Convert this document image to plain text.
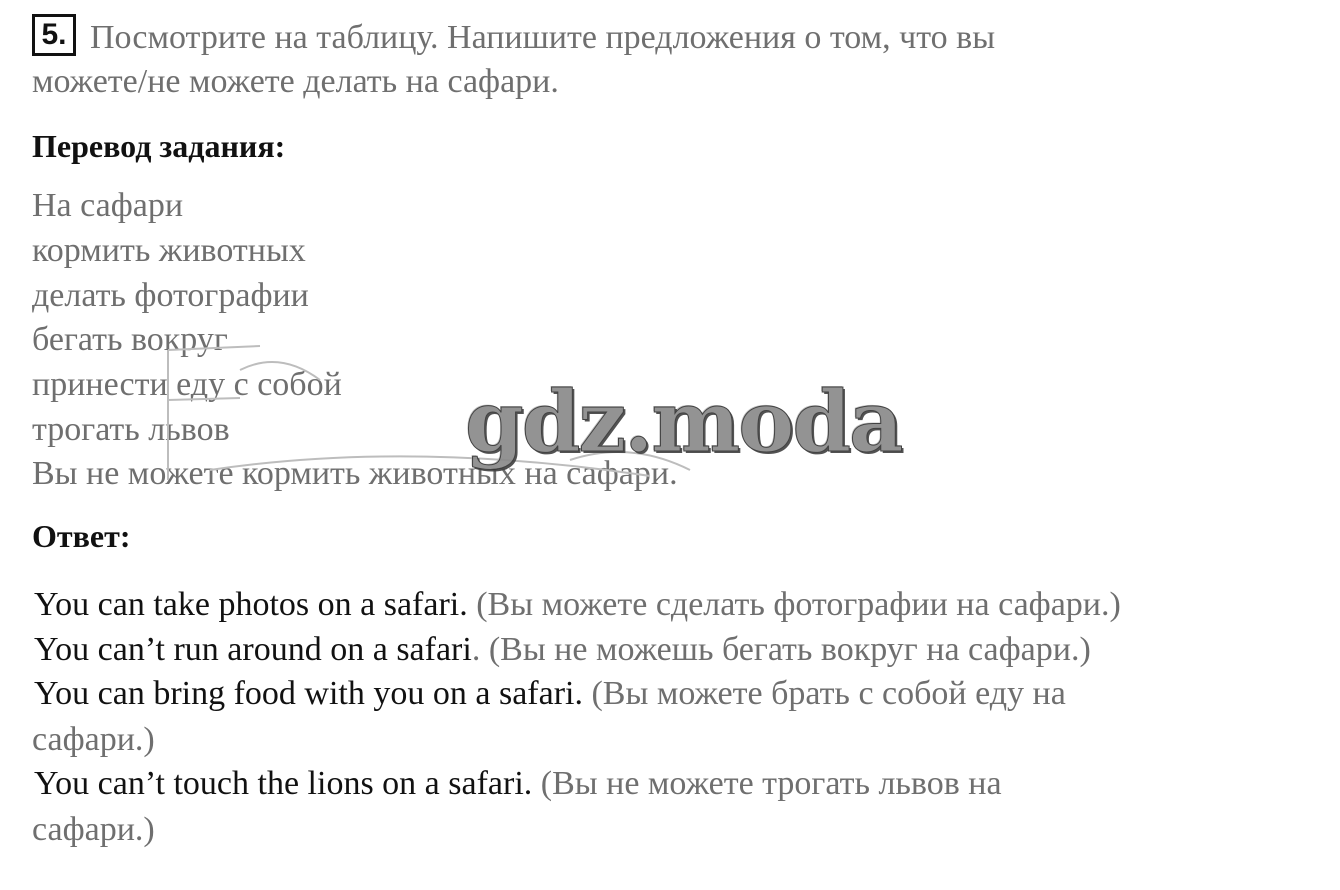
5. Посмотрите на таблицу. Напишите предложения о том, что вы
можете/не можете делать на сафари.
Перевод задания:
На сафари
кормить животных
делать фотографии
бегать вокруг
принести еду с собой
трогать львов
Вы не можете кормить животных на сафари.
gdz.moda
Ответ:
You can take photos on a safari. (Вы можете сделать фотографии на сафари.)
You can’t run around on a safari. (Вы не можешь бегать вокруг на сафари.)
You can bring food with you on a safari. (Вы можете брать с собой еду на
сафари.)
You can’t touch the lions on a safari. (Вы не можете трогать львов на
сафари.)
